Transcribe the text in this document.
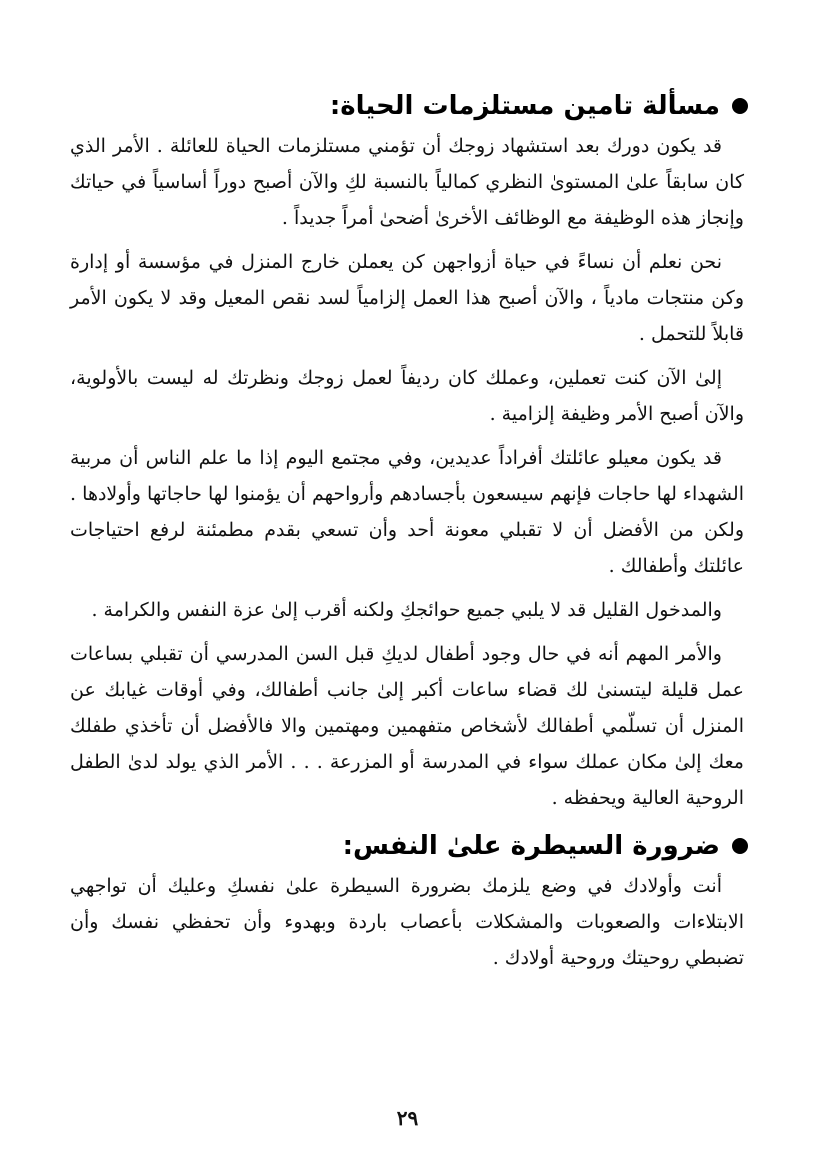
مسألة تامين مستلزمات الحياة:

قد يكون دورك بعد استشهاد زوجك أن تؤمني مستلزمات الحياة للعائلة . الأمر الذي كان سابقاً علىٰ المستوىٰ النظري كمالياً بالنسبة لكِ والآن أصبح دوراً أساسياً في حياتك وإنجاز هذه الوظيفة مع الوظائف الأخرىٰ أضحىٰ أمراً جديداً .

نحن نعلم أن نساءً في حياة أزواجهن كن يعملن خارج المنزل في مؤسسة أو إدارة وكن منتجات مادياً ، والآن أصبح هذا العمل إلزامياً لسد نقص المعيل وقد لا يكون الأمر قابلاً للتحمل .

إلىٰ الآن كنت تعملين، وعملك كان رديفاً لعمل زوجك ونظرتك له ليست بالأولوية، والآن أصبح الأمر وظيفة إلزامية .

قد يكون معيلو عائلتك أفراداً عديدين، وفي مجتمع اليوم إذا ما علم الناس أن مربية الشهداء لها حاجات فإنهم سيسعون بأجسادهم وأرواحهم أن يؤمنوا لها حاجاتها وأولادها . ولكن من الأفضل أن لا تقبلي معونة أحد وأن تسعي بقدم مطمئنة لرفع احتياجات عائلتك وأطفالك .

والمدخول القليل قد لا يلبي جميع حوائجكِ ولكنه أقرب إلىٰ عزة النفس والكرامة .

والأمر المهم أنه في حال وجود أطفال لديكِ قبل السن المدرسي أن تقبلي بساعات عمل قليلة ليتسنىٰ لك قضاء ساعات أكبر إلىٰ جانب أطفالك، وفي أوقات غيابك عن المنزل أن تسلّمي أطفالك لأشخاص متفهمين ومهتمين والا فالأفضل أن تأخذي طفلك معك إلىٰ مكان عملك سواء في المدرسة أو المزرعة . . . الأمر الذي يولد لدىٰ الطفل الروحية العالية ويحفظه .

ضرورة السيطرة علىٰ النفس:

أنت وأولادك في وضع يلزمك بضرورة السيطرة علىٰ نفسكِ وعليك أن تواجهي الابتلاءات والصعوبات والمشكلات بأعصاب باردة وبهدوء وأن تحفظي نفسك وأن تضبطي روحيتك وروحية أولادك .

٢٩
